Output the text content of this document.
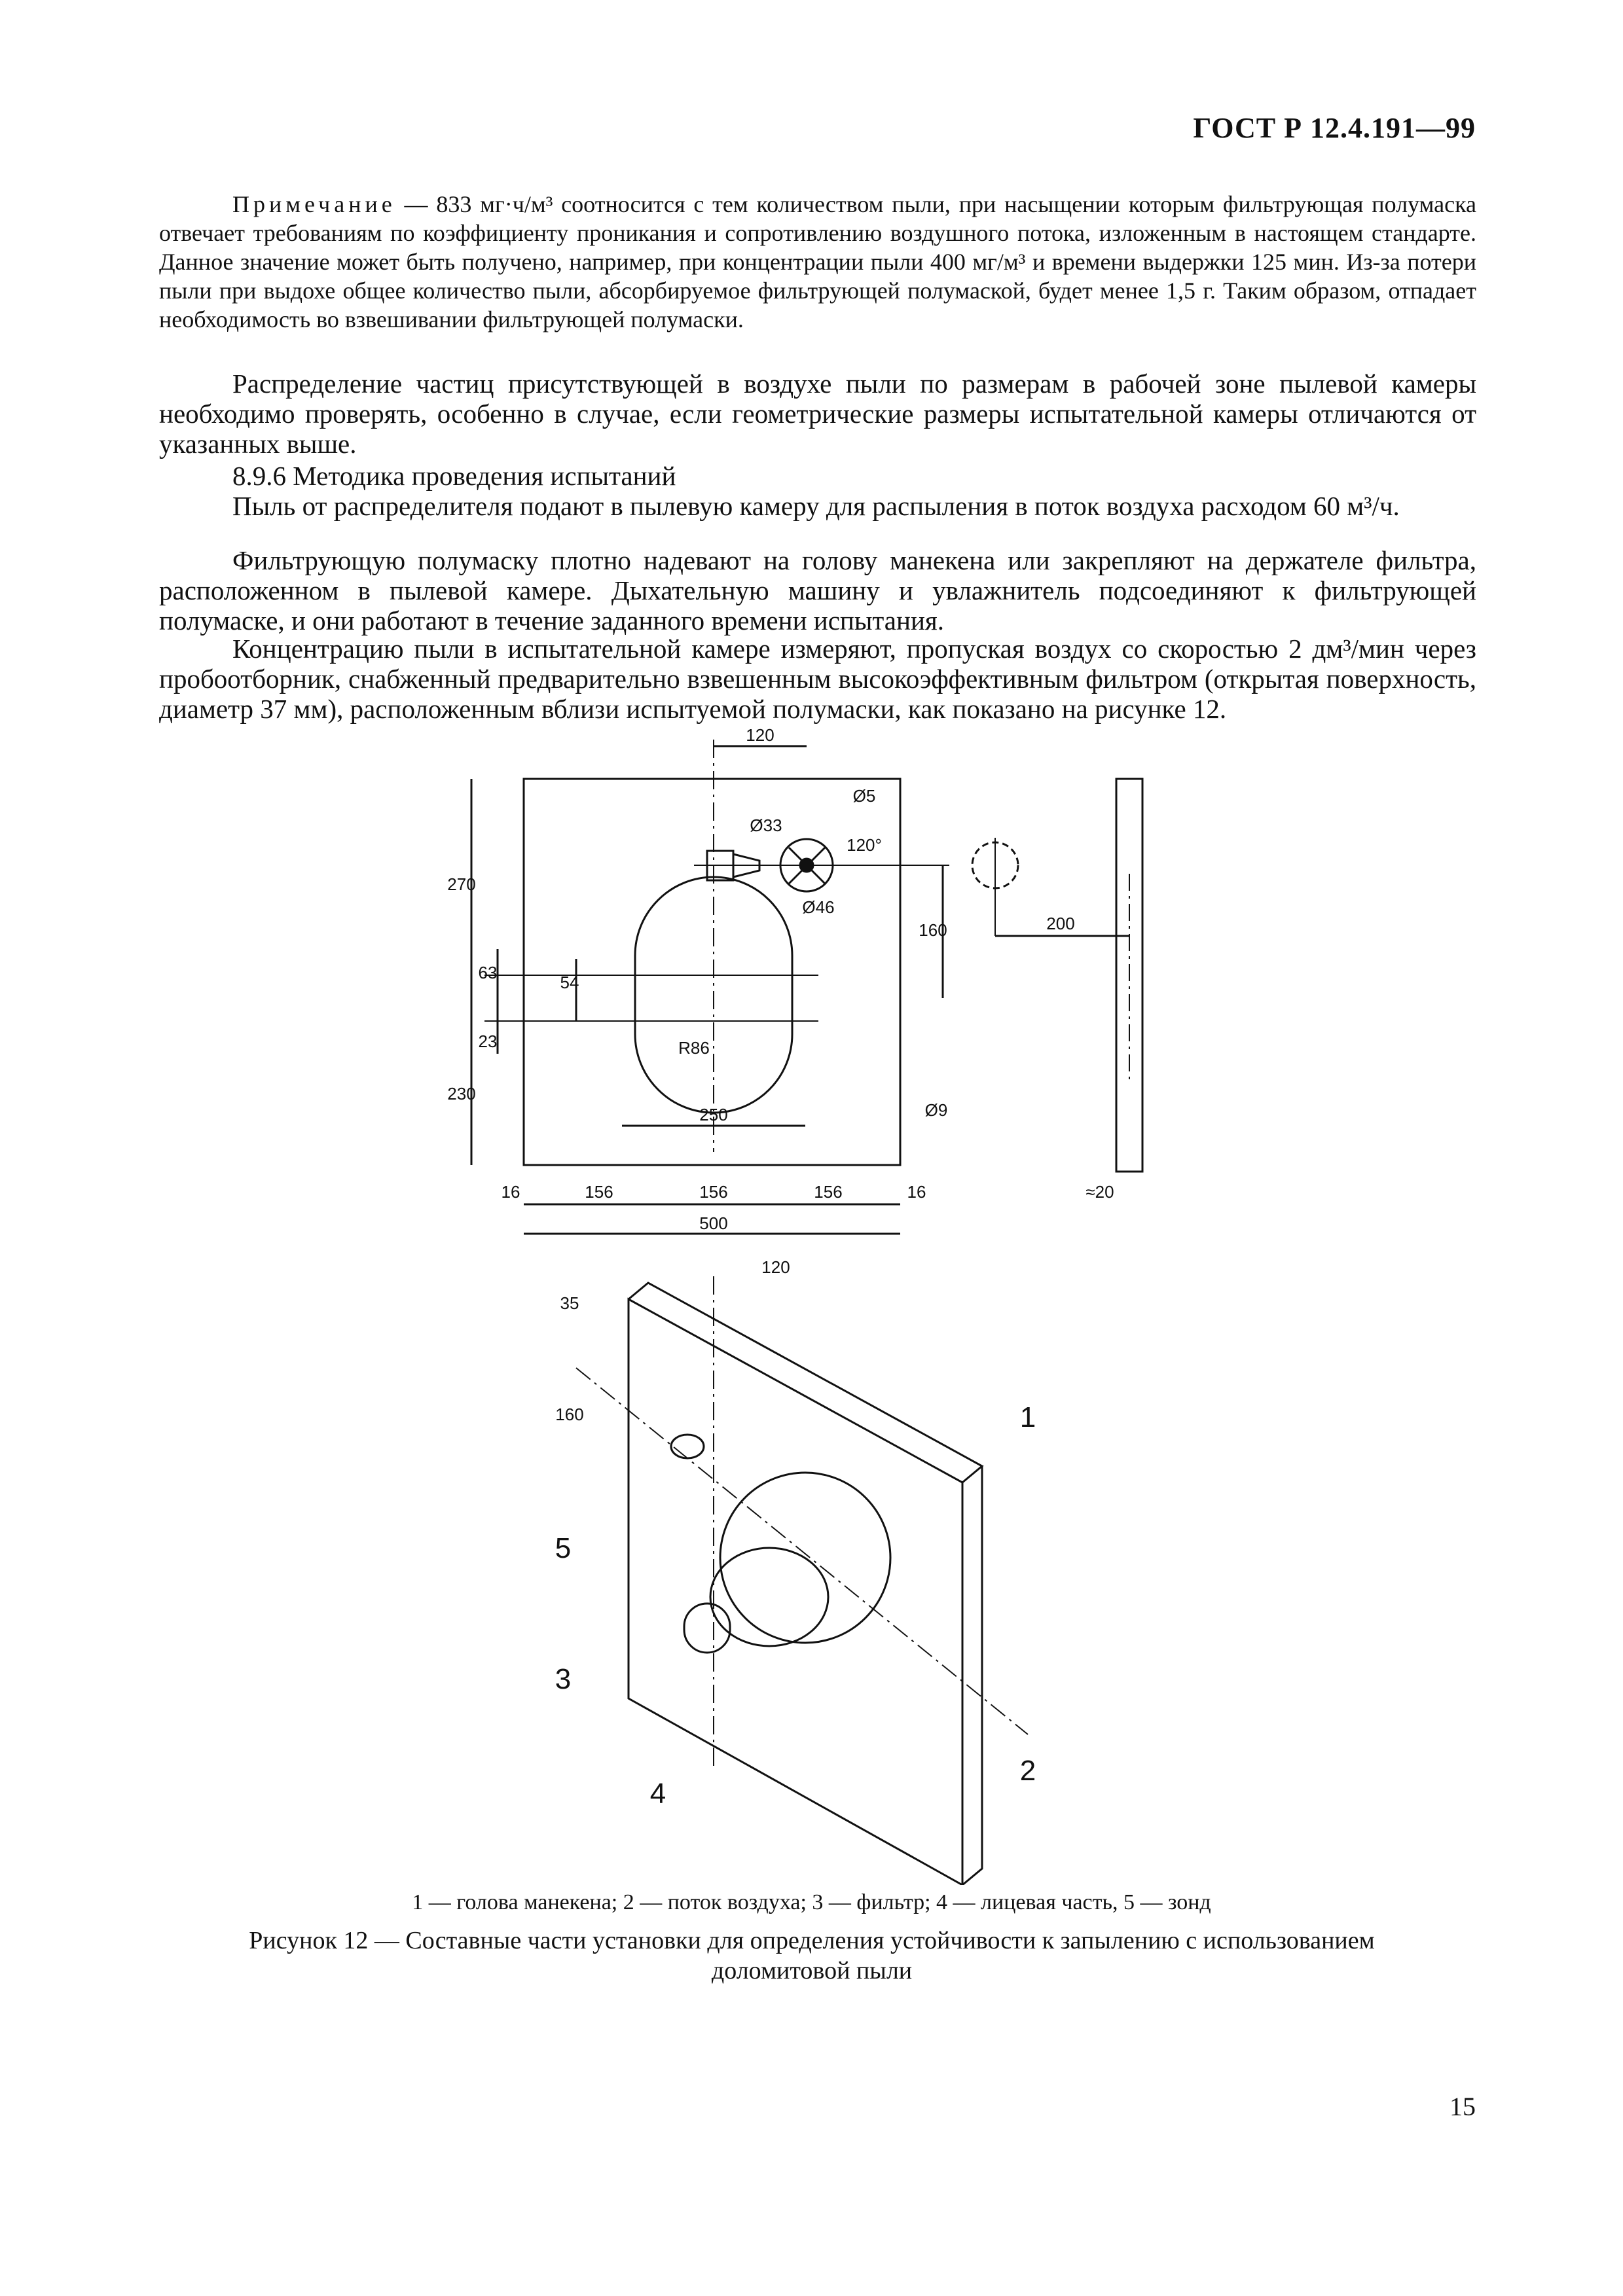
ГОСТ Р 12.4.191—99
Примечание — 833 мг·ч/м³ соотносится с тем количеством пыли, при насыщении которым фильтрующая полумаска отвечает требованиям по коэффициенту проникания и сопротивлению воздушного потока, изложенным в настоящем стандарте. Данное значение может быть получено, например, при концентрации пыли 400 мг/м³ и времени выдержки 125 мин. Из-за потери пыли при выдохе общее количество пыли, абсорбируемое фильтрующей полумаской, будет менее 1,5 г. Таким образом, отпадает необходимость во взвешивании фильтрующей полумаски.

Распределение частиц присутствующей в воздухе пыли по размерам в рабочей зоне пылевой камеры необходимо проверять, особенно в случае, если геометрические размеры испытательной камеры отличаются от указанных выше.

8.9.6 Методика проведения испытаний

Пыль от распределителя подают в пылевую камеру для распыления в поток воздуха расходом 60 м³/ч.

Фильтрующую полумаску плотно надевают на голову манекена или закрепляют на держателе фильтра, расположенном в пылевой камере. Дыхательную машину и увлажнитель подсоединяют к фильтрующей полумаске, и они работают в течение заданного времени испытания.

Концентрацию пыли в испытательной камере измеряют, пропуская воздух со скоростью 2 дм³/мин через пробоотборник, снабженный предварительно взвешенным высокоэффективным фильтром (открытая поверхность, диаметр 37 мм), расположенным вблизи испытуемой полумаски, как показано на рисунке 12.

120
Ø5
Ø33
120°
Ø46
Ø9
R86
270
63	54
23
230
160
250
16	156	156	156	16
500
200
≈20
35
120
160	1
2
3
4
5
1 — голова манекена; 2 — поток воздуха; 3 — фильтр; 4 — лицевая часть, 5 — зонд
Рисунок 12 — Составные части установки для определения устойчивости к запылению с использованием доломитовой пыли
15
